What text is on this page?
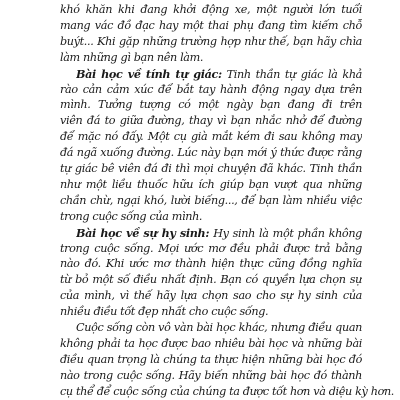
khó khăn khi đang khởi động xe, một người lớn tuổi
mang vác đồ đạc hay một thai phụ đang tìm kiếm chỗ
buýt... Khi gặp những trường hợp như thế, bạn hãy chìa
làm những gì bạn nên làm.
Bài học về tính tự giác: Tinh thần tự giác là khả
rào cản cảm xúc để bắt tay hành động ngay dựa trên
mình. Tưởng tượng có một ngày bạn đang đi trên
viên đá to giữa đường, thay vì bạn nhắc nhở để đường
để mặc nó đấy. Một cụ già mắt kém đi sau không may
đá ngã xuống đường. Lúc này bạn mới ý thức được rằng
tự giác bê viên đá đi thì mọi chuyện đã khác. Tinh thần
như một liều thuốc hữu ích giúp bạn vượt qua những
chần chừ, ngại khó, lười biếng..., để bạn làm nhiều việc
trong cuộc sống của mình.
Bài học về sự hy sinh: Hy sinh là một phần không
trong cuộc sống. Mọi ước mơ đều phải được trả bằng
nào đó. Khi ước mơ thành hiện thực cũng đồng nghĩa
từ bỏ một số điều nhất định. Bạn có quyền lựa chọn sự
của mình, vì thế hãy lựa chọn sao cho sự hy sinh của
nhiều điều tốt đẹp nhất cho cuộc sống.
Cuộc sống còn vô vàn bài học khác, nhưng điều quan
không phải ta học được bao nhiêu bài học và những bài
điều quan trọng là chúng ta thực hiện những bài học đó
nào trong cuộc sống. Hãy biến những bài học đó thành
cụ thể để cuộc sống của chúng ta được tốt hơn và diệu kỳ hơn.
